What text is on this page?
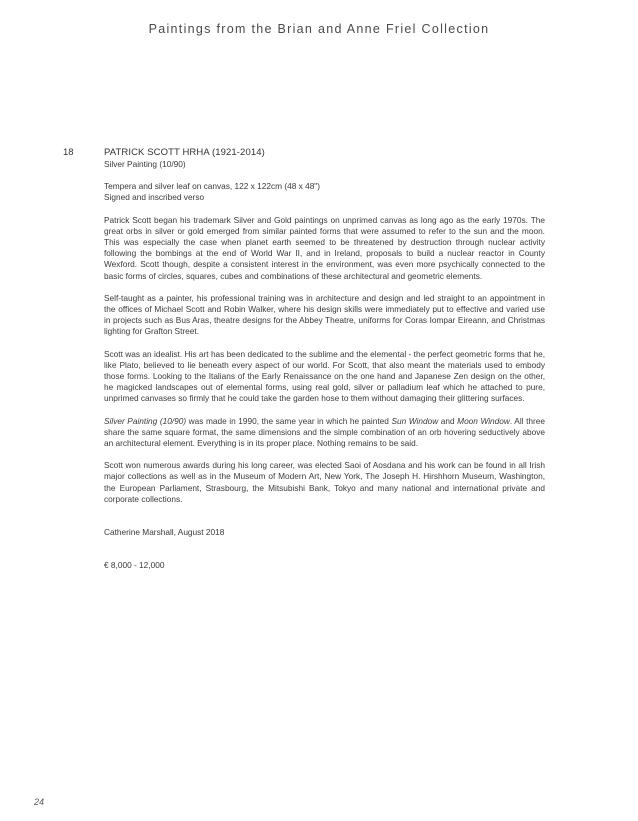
Paintings from the Brian and Anne Friel Collection
18	PATRICK SCOTT HRHA (1921-2014)
Silver Painting (10/90)
Tempera and silver leaf on canvas, 122 x 122cm (48 x 48")
Signed and inscribed verso

Patrick Scott began his trademark Silver and Gold paintings on unprimed canvas as long ago as the early 1970s. The great orbs in silver or gold emerged from similar painted forms that were assumed to refer to the sun and the moon. This was especially the case when planet earth seemed to be threatened by destruction through nuclear activity following the bombings at the end of World War II, and in Ireland, proposals to build a nuclear reactor in County Wexford. Scott though, despite a consistent interest in the environment, was even more psychically connected to the basic forms of circles, squares, cubes and combinations of these architectural and geometric elements.

Self-taught as a painter, his professional training was in architecture and design and led straight to an appointment in the offices of Michael Scott and Robin Walker, where his design skills were immediately put to effective and varied use in projects such as Bus Aras, theatre designs for the Abbey Theatre, uniforms for Coras Iompar Eireann, and Christmas lighting for Grafton Street.

Scott was an idealist. His art has been dedicated to the sublime and the elemental - the perfect geometric forms that he, like Plato, believed to lie beneath every aspect of our world. For Scott, that also meant the materials used to embody those forms. Looking to the Italians of the Early Renaissance on the one hand and Japanese Zen design on the other, he magicked landscapes out of elemental forms, using real gold, silver or palladium leaf which he attached to pure, unprimed canvases so firmly that he could take the garden hose to them without damaging their glittering surfaces.

Silver Painting (10/90) was made in 1990, the same year in which he painted Sun Window and Moon Window. All three share the same square format, the same dimensions and the simple combination of an orb hovering seductively above an architectural element. Everything is in its proper place. Nothing remains to be said.

Scott won numerous awards during his long career, was elected Saoi of Aosdana and his work can be found in all Irish major collections as well as in the Museum of Modern Art, New York, The Joseph H. Hirshhorn Museum, Washington, the European Parliament, Strasbourg, the Mitsubishi Bank, Tokyo and many national and international private and corporate collections.

Catherine Marshall, August 2018
€ 8,000 - 12,000
24
